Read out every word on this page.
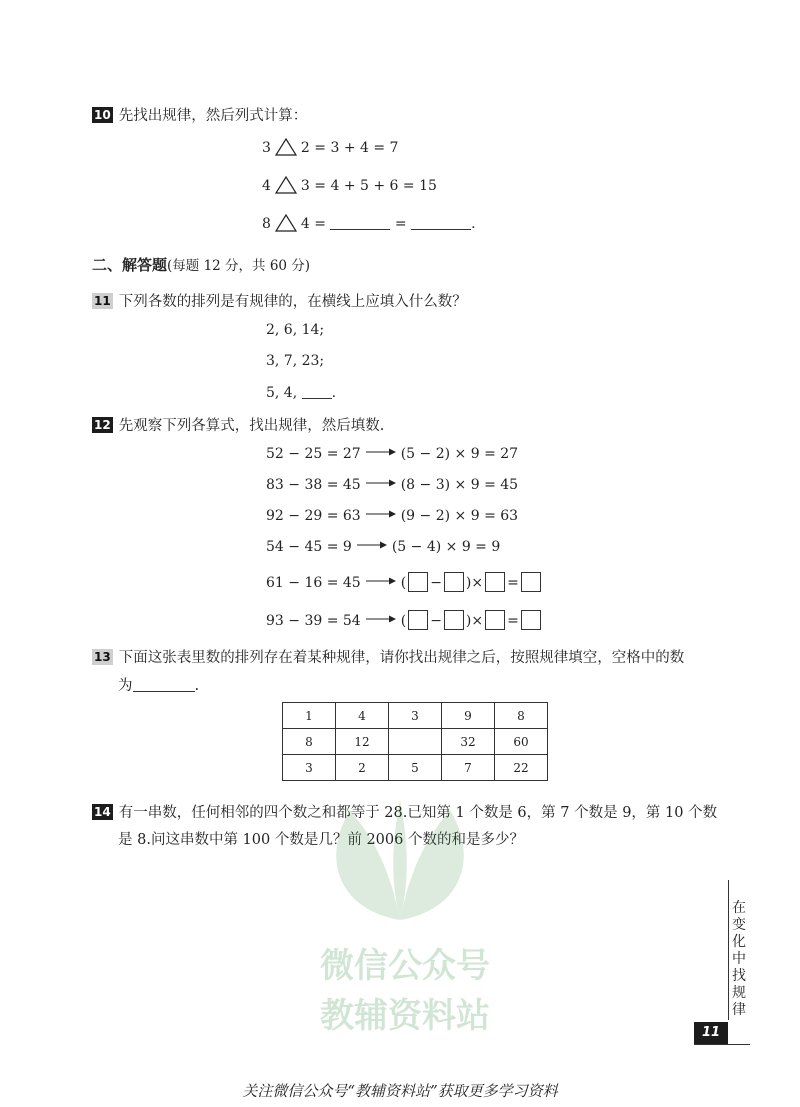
10 先找出规律，然后列式计算：
3 2 = 3 + 4 = 7
4 3 = 4 + 5 + 6 = 15
8 4 =	=	.
二、解答题(每题 12 分，共 60 分)
11 下列各数的排列是有规律的，在横线上应填入什么数？
2, 6, 14;
3, 7, 23;
5, 4, .
12 先观察下列各算式，找出规律，然后填数.
52 − 25 = 27	(5 − 2) × 9 = 27
83 − 38 = 45	(8 − 3) × 9 = 45
92 − 29 = 63	(9 − 2) × 9 = 63
54 − 45 = 9	(5 − 4) × 9 = 9
61 − 16 = 45	( − )× =
93 − 39 = 54	( − )× =
13 下面这张表里数的排列存在着某种规律，请你找出规律之后，按照规律填空，空格中的数
为	.
1	4	3	9	8
8	12		32	60
3	2	5	7	22
14 有一串数，任何相邻的四个数之和都等于 28.已知第 1 个数是 6，第 7 个数是 9，第 10 个数
是 8.问这串数中第 100 个数是几？前 2006 个数的和是多少？
微信公众号
教辅资料站
在变化中找规律
11
关注微信公众号“教辅资料站”获取更多学习资料
